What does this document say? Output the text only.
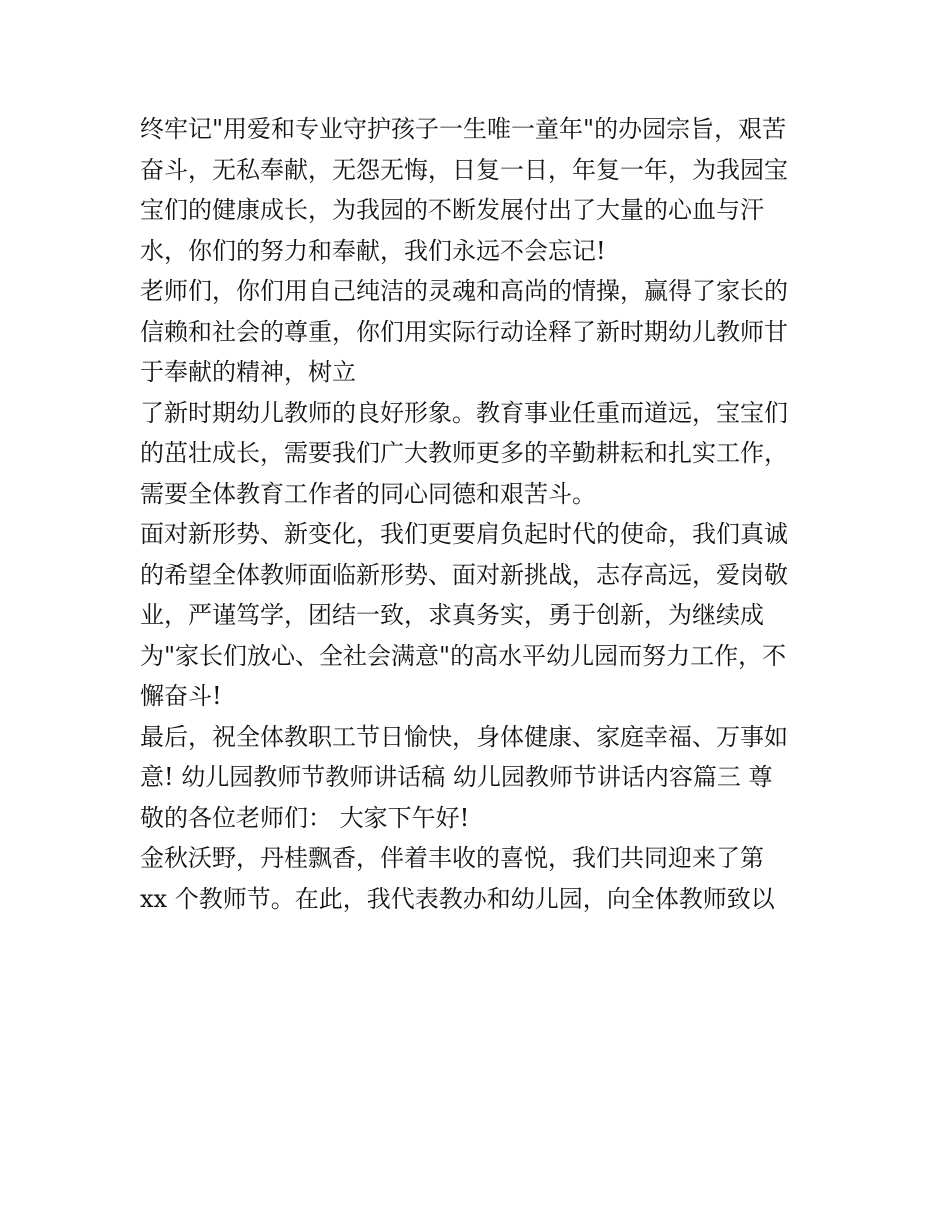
终牢记"用爱和专业守护孩子一生唯一童年"的办园宗旨，艰苦

奋斗，无私奉献，无怨无悔，日复一日，年复一年，为我园宝

宝们的健康成长，为我园的不断发展付出了大量的心血与汗

水，你们的努力和奉献，我们永远不会忘记!

老师们，你们用自己纯洁的灵魂和高尚的情操，赢得了家长的

信赖和社会的尊重，你们用实际行动诠释了新时期幼儿教师甘

于奉献的精神，树立

了新时期幼儿教师的良好形象。教育事业任重而道远，宝宝们

的茁壮成长，需要我们广大教师更多的辛勤耕耘和扎实工作，

需要全体教育工作者的同心同德和艰苦斗。

面对新形势、新变化，我们更要肩负起时代的使命，我们真诚

的希望全体教师面临新形势、面对新挑战，志存高远，爱岗敬

业，严谨笃学，团结一致，求真务实，勇于创新，为继续成

为"家长们放心、全社会满意"的高水平幼儿园而努力工作，不

懈奋斗!

最后，祝全体教职工节日愉快，身体健康、家庭幸福、万事如

意! 幼儿园教师节教师讲话稿 幼儿园教师节讲话内容篇三 尊

敬的各位老师们： 大家下午好!

金秋沃野，丹桂飘香，伴着丰收的喜悦，我们共同迎来了第

xx 个教师节。在此，我代表教办和幼儿园，向全体教师致以
